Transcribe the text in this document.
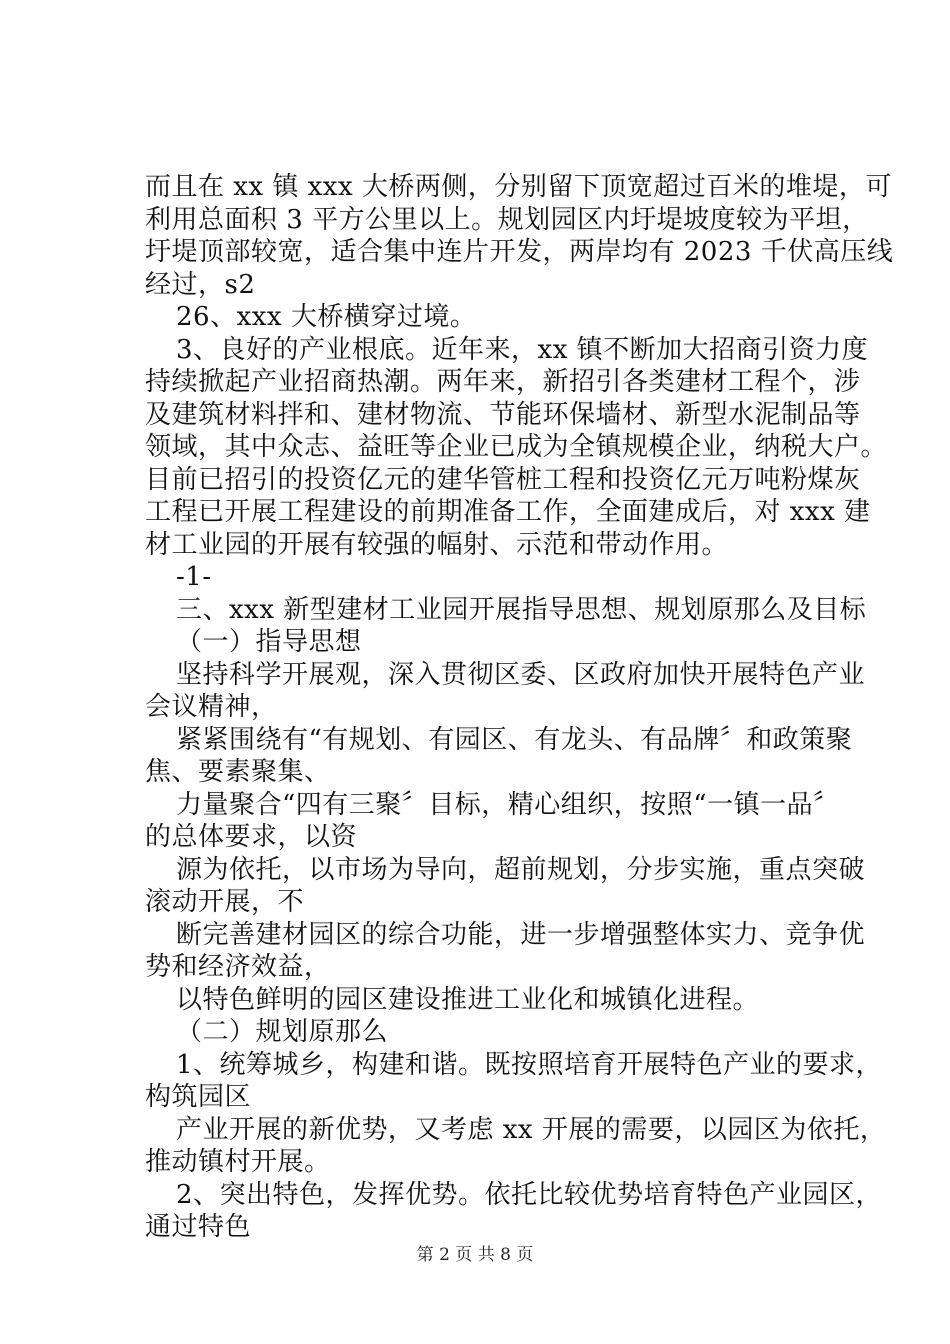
而且在 xx 镇 xxx 大桥两侧，分别留下顶宽超过百米的堆堤，可
利用总面积 3 平方公里以上。规划园区内圩堤坡度较为平坦，
圩堤顶部较宽，适合集中连片开发，两岸均有 2023 千伏高压线
经过，s2
26、xxx 大桥横穿过境。
3、良好的产业根底。近年来，xx 镇不断加大招商引资力度
持续掀起产业招商热潮。两年来，新招引各类建材工程个，涉
及建筑材料拌和、建材物流、节能环保墙材、新型水泥制品等
领域，其中众志、益旺等企业已成为全镇规模企业，纳税大户。
目前已招引的投资亿元的建华管桩工程和投资亿元万吨粉煤灰
工程已开展工程建设的前期准备工作，全面建成后，对 xxx 建
材工业园的开展有较强的幅射、示范和带动作用。
-1-
三、xxx 新型建材工业园开展指导思想、规划原那么及目标
（一）指导思想
坚持科学开展观，深入贯彻区委、区政府加快开展特色产业
会议精神，
紧紧围绕有“有规划、有园区、有龙头、有品牌〞和政策聚
焦、要素聚集、
力量聚合“四有三聚〞目标，精心组织，按照“一镇一品〞
的总体要求，以资
源为依托，以市场为导向，超前规划，分步实施，重点突破
滚动开展，不
断完善建材园区的综合功能，进一步增强整体实力、竞争优
势和经济效益，
以特色鲜明的园区建设推进工业化和城镇化进程。
（二）规划原那么
1、统筹城乡，构建和谐。既按照培育开展特色产业的要求，
构筑园区
产业开展的新优势，又考虑 xx 开展的需要，以园区为依托，
推动镇村开展。
2、突出特色，发挥优势。依托比较优势培育特色产业园区，
通过特色
第 2 页 共 8 页
